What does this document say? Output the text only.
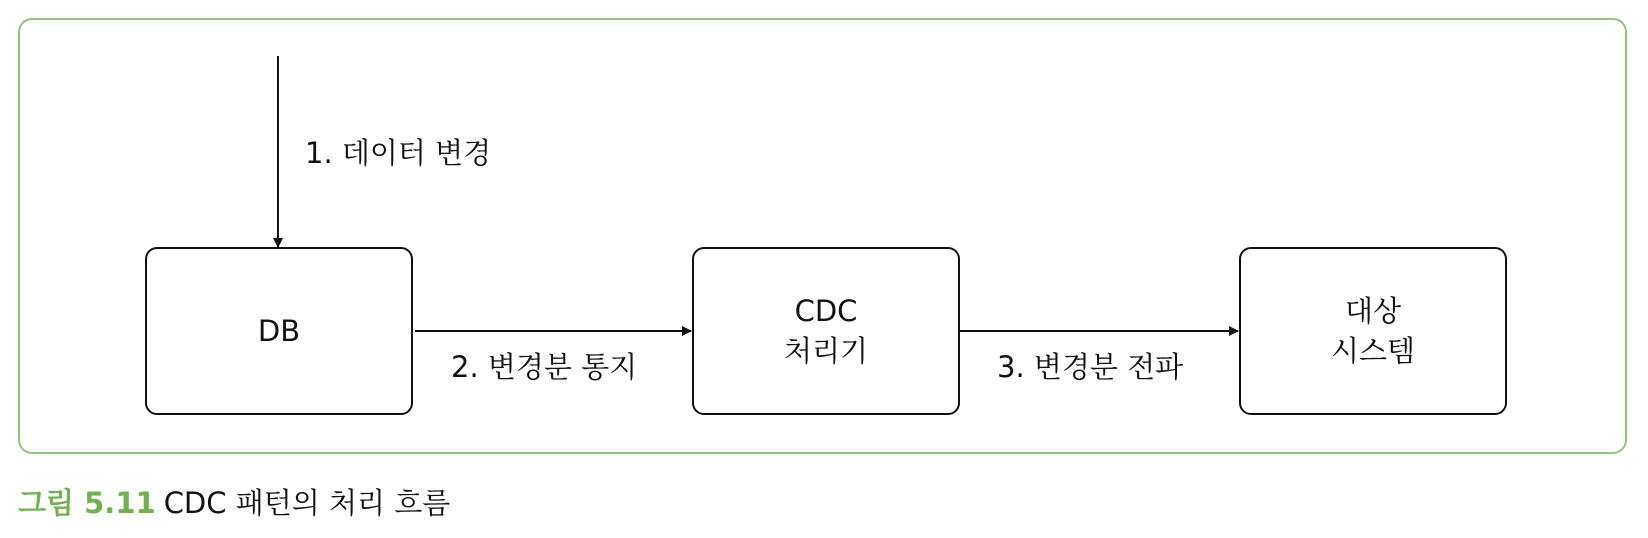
DB
CDC
처리기
대상
시스템
1. 데이터 변경
2. 변경분 통지	3. 변경분 전파
그림 5.11 CDC 패턴의 처리 흐름
